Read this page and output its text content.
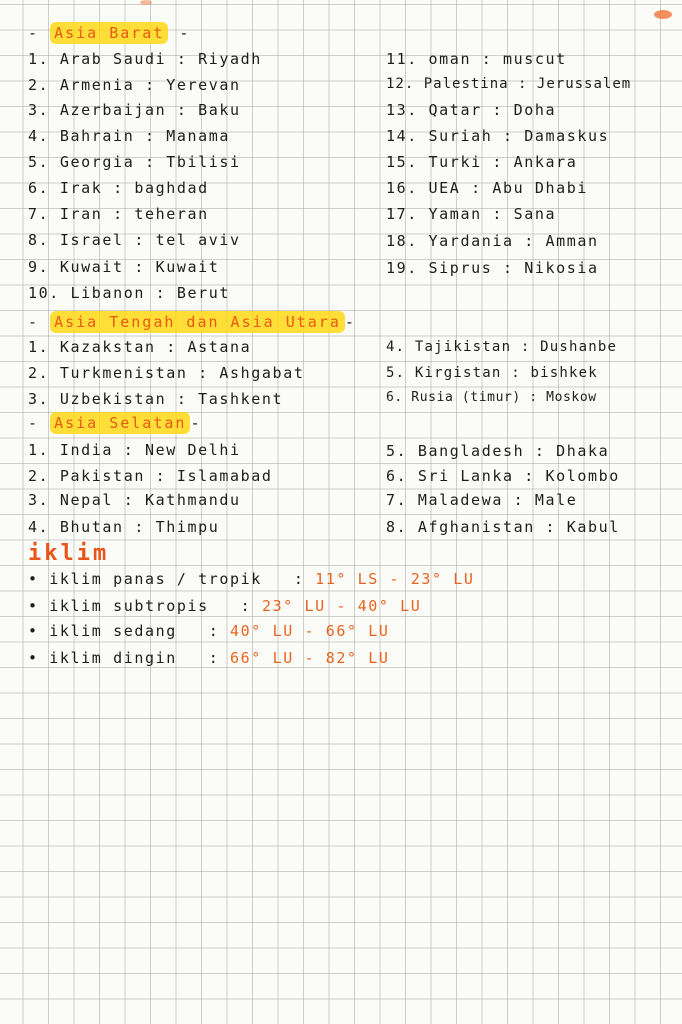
- Asia Barat -
1. Arab Saudi : Riyadh
2. Armenia : Yerevan
3. Azerbaijan : Baku
4. Bahrain : Manama
5. Georgia : Tbilisi
6. Irak : baghdad
7. Iran : teheran
8. Israel : tel aviv
9. Kuwait : Kuwait
10. Libanon : Berut
11. oman : muscut
12. Palestina : Jerussalem
13. Qatar : Doha
14. Suriah : Damaskus
15. Turki : Ankara
16. UEA : Abu Dhabi
17. Yaman : Sana
18. Yardania : Amman
19. Siprus : Nikosia
- Asia Tengah dan Asia Utara -
1. Kazakstan : Astana
2. Turkmenistan : Ashgabat
3. Uzbekistan : Tashkent
4. Tajikistan : Dushanbe
5. Kirgistan : bishkek
6. Rusia (timur) : Moskow
- Asia Selatan -
1. India : New Delhi
2. Pakistan : Islamabad
3. Nepal : Kathmandu
4. Bhutan : Thimpu
5. Bangladesh : Dhaka
6. Sri Lanka : Kolombo
7. Maladewa : Male
8. Afghanistan : Kabul
iklim
• iklim panas / tropik : 11° LS - 23° LU
• iklim subtropis : 23° LU - 40° LU
• iklim sedang : 40° LU - 66° LU
• iklim dingin : 66° LU - 82° LU
